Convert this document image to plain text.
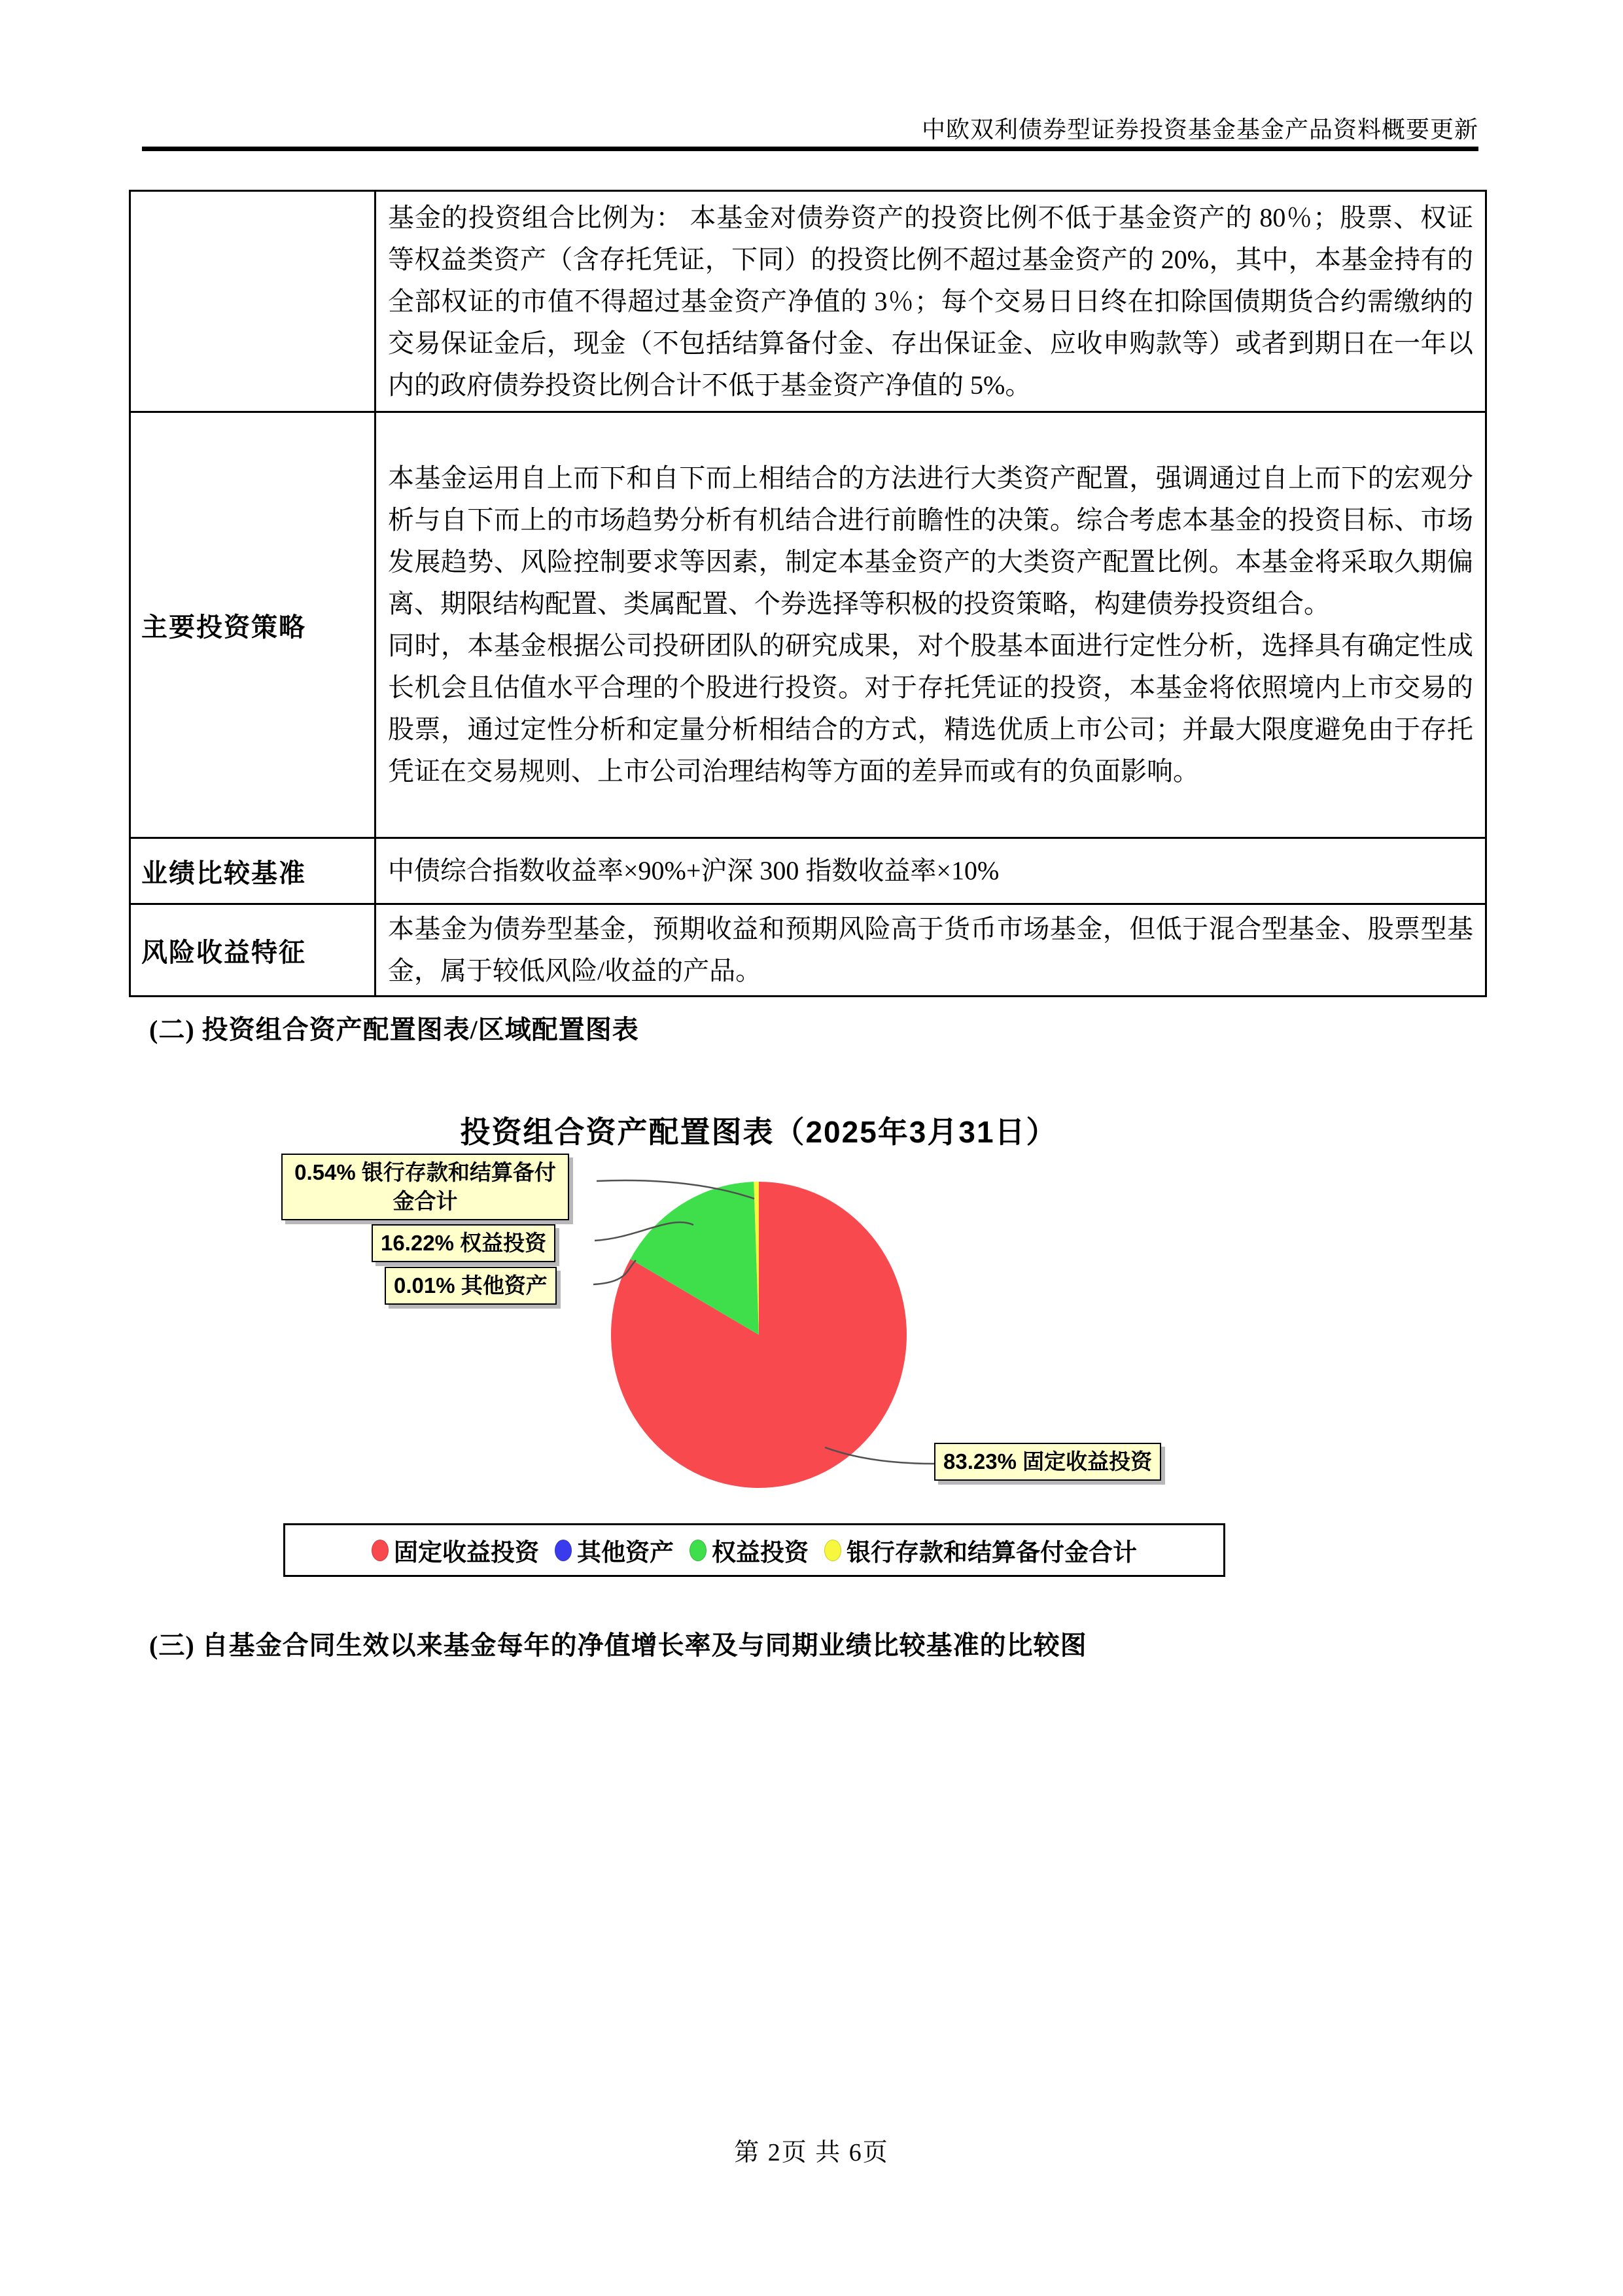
中欧双利债券型证券投资基金基金产品资料概要更新

	基金的投资组合比例为： 本基金对债券资产的投资比例不低于基金资产的 80％；股票、权证等权益类资产（含存托凭证，下同）的投资比例不超过基金资产的 20%，其中，本基金持有的全部权证的市值不得超过基金资产净值的 3％；每个交易日日终在扣除国债期货合约需缴纳的交易保证金后，现金（不包括结算备付金、存出保证金、应收申购款等）或者到期日在一年以内的政府债券投资比例合计不低于基金资产净值的 5%。

主要投资策略	本基金运用自上而下和自下而上相结合的方法进行大类资产配置，强调通过自上而下的宏观分析与自下而上的市场趋势分析有机结合进行前瞻性的决策。综合考虑本基金的投资目标、市场发展趋势、风险控制要求等因素，制定本基金资产的大类资产配置比例。本基金将采取久期偏离、期限结构配置、类属配置、个券选择等积极的投资策略，构建债券投资组合。
同时，本基金根据公司投研团队的研究成果，对个股基本面进行定性分析，选择具有确定性成长机会且估值水平合理的个股进行投资。对于存托凭证的投资，本基金将依照境内上市交易的股票，通过定性分析和定量分析相结合的方式，精选优质上市公司；并最大限度避免由于存托凭证在交易规则、上市公司治理结构等方面的差异而或有的负面影响。

业绩比较基准	中债综合指数收益率×90%+沪深 300 指数收益率×10%

风险收益特征	本基金为债券型基金，预期收益和预期风险高于货币市场基金，但低于混合型基金、股票型基金，属于较低风险/收益的产品。
(二) 投资组合资产配置图表/区域配置图表
投资组合资产配置图表（2025年3月31日）
0.54% 银行存款和结算备付金合计
16.22% 权益投资
0.01% 其他资产
83.23% 固定收益投资
固定收益投资 其他资产 权益投资 银行存款和结算备付金合计
(三) 自基金合同生效以来基金每年的净值增长率及与同期业绩比较基准的比较图
第 2页 共 6页
